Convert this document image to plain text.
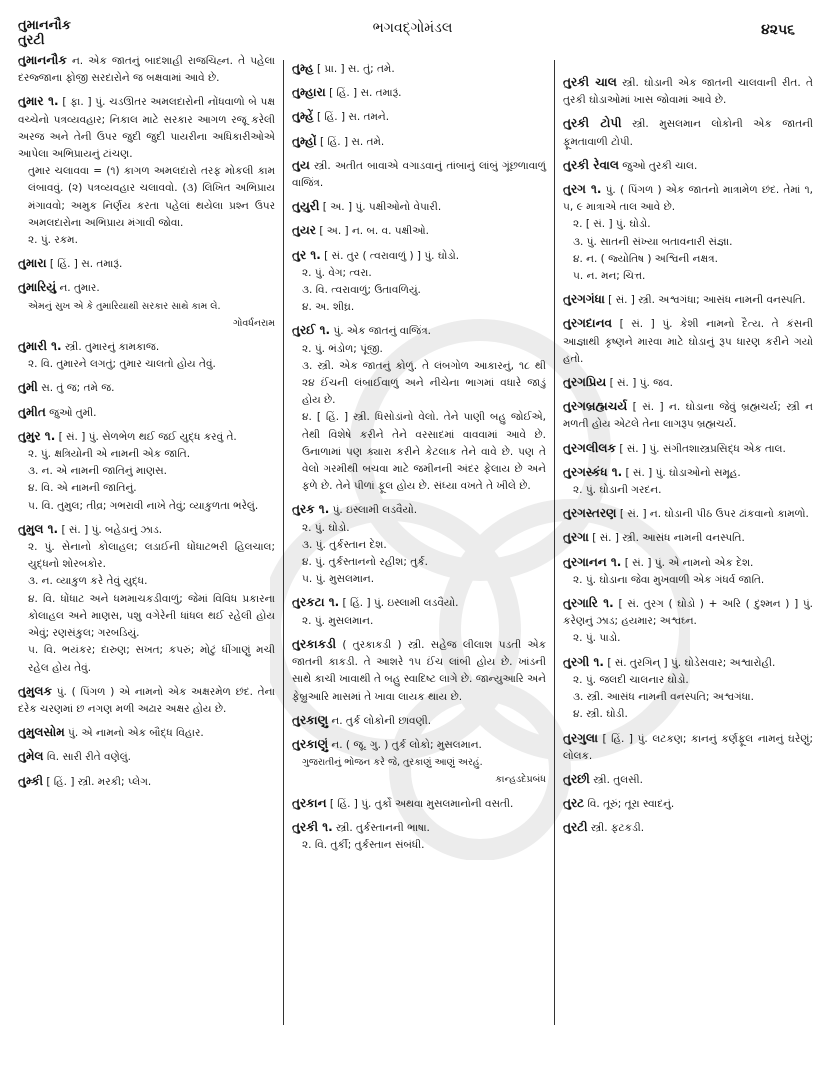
તુમાનનૌક
તુરટી
ભગવદ્ગોમંડલ	૪૨૫૬
તુમાનનૌક ન. એક જાતનું બાદશાહી રાજચિહ્ન. તે પહેલા દરજ્જાના ફોજી સરદારોને જ બક્ષવામાં આવે છે.
તુમાર ૧. [ ફા. ] પું. ચડઊતર અમલદારોની નોંધવાળો બે પક્ષ વચ્ચેનો પત્રવ્યવહાર; નિકાલ માટે સરકાર આગળ રજૂ કરેલી અરજ અને તેની ઉપર જુદી જુદી પાયરીના અધિકારીઓએ આપેલા અભિપ્રાયનું ટાંચણ.
તુમાર ચલાવવા = (૧) કાગળ અમલદારો તરફ મોકલી કામ લંબાવવું. (૨) પત્રવ્યવહાર ચલાવવો. (૩) લિખિત અભિપ્રાય મંગાવવો; અમુક નિર્ણય કરતા પહેલાં થયેલા પ્રશ્ન ઉપર અમલદારોના અભિપ્રાય મંગાવી જોવા.
૨. પું. રકમ.
તુમારા [ હિં. ] સ. તમારૂં.
તુમારિયું ન. તુમાર.
એમનું સુખ એ કે તુમારિયાથી સરકાર સાથે કામ લે.
ગોવર્ધનરામ
તુમારી ૧. સ્ત્રી. તુમારનું કામકાજ.
૨. વિ. તુમારને લગતું; તુમાર ચાલતો હોય તેવું.
તુમી સ. તું જ; તમે જ.
તુમીત જુઓ તુમી.
તુમુર ૧. [ સં. ] પું. સેળભેળ થઈ જઈ યુદ્ધ કરવું તે.
૨. પું. ક્ષત્રિયોની એ નામની એક જાતિ.
૩. ન. એ નામની જાતિનું માણસ.
૪. વિ. એ નામની જાતિનું.
૫. વિ. તુમુલ; તીવ્ર; ગભરાવી નાખે તેવું; વ્યાકુળતા ભરેલું.
તુમુલ ૧. [ સં. ] પું. બહેડાનું ઝાડ.
૨. પું. સેનાનો કોલાહલ; લડાઈની ધોંધાટભરી હિલચાલ; યુદ્ધનો શોરબકોર.
૩. ન. વ્યાકુળ કરે તેવું યુદ્ધ.
૪. વિ. ધોંધાટ અને ધમમાચકડીવાળું; જેમાં વિવિધ પ્રકારના કોલાહલ અને માણસ, પશુ વગેરેની ધાંધલ થઈ રહેલી હોય એવું; રણસંકુલ; ગરબડિયું.
૫. વિ. ભયંકર; દારુણ; સખત; કપરું; મોટું ધીંગાણું મચી રહેલ હોય તેવું.
તુમુલક પું. ( પિંગળ ) એ નામનો એક અક્ષરમેળ છંદ. તેના દરેક ચરણમાં છ નગણ મળી અઢાર અક્ષર હોય છે.
તુમુલસોમ પું. એ નામનો એક બૌદ્ધ વિહાર.
તુમેલ વિ. સારી રીતે વણેલું.
તુમ્કી [ હિં. ] સ્ત્રી. મરકી; પ્લેગ.
તુમ્હ [ પ્રા. ] સ. તું; તમે.
તુમ્હારા [ હિં. ] સ. તમારૂં.
તુમ્હેં [ હિં. ] સ. તમને.
તુમ્હોં [ હિં. ] સ. તમે.
તુય સ્ત્રી. અતીત બાવાએ વગાડવાનું તાંબાનું લાંબું ગૂંછળાવાળું વાજિંત્ર.
તુયુરી [ અ. ] પું. પક્ષીઓનો વેપારી.
તુયર [ અ. ] ન. બ. વ. પક્ષીઓ.
તુર ૧. [ સં. તુર ( ત્વરાવાળું ) ] પું. ઘોડો.
૨. પું. વેગ; ત્વરા.
૩. વિ. ત્વરાવાળું; ઉતાવળિયું.
૪. અ. શીઘ્ર.
તુરઈ ૧. પું. એક જાતનું વાજિંત્ર.
૨. પું. ભંડોળ; પૂંજી.
૩. સ્ત્રી. એક જાતનું કોળું. તે લંબગોળ આકારનું, ૧૮ થી ૨૪ ઈંચની લંબાઈવાળું અને નીચેના ભાગમાં વધારે જાડું હોય છે.
૪. [ હિં. ] સ્ત્રી. ધિસોડાંનો વેલો. તેને પાણી બહુ જોઈએ, તેથી વિશેષે કરીને તેને વરસાદમાં વાવવામાં આવે છે. ઉનાળામાં પણ ક્યારા કરીને કેટલાક તેને વાવે છે. પણ તે વેલો ગરમીથી બચવા માટે જમીનની અંદર ફેલાય છે અને ફળે છે. તેને પીળાં ફૂલ હોય છે. સંધ્યા વખતે તે ખીલે છે.
તુરક ૧. પું. ઇસ્લામી લડવૈયો.
૨. પું. ઘોડો.
૩. પું. તુર્કસ્તાન દેશ.
૪. પું. તુર્કસ્તાનનો રહીશ; તુર્ક.
૫. પું. મુસલમાન.
તુરકટા ૧. [ હિં. ] પું. ઇસ્લામી લડવૈયો.
૨. પું. મુસલમાન.
તુરકાકડી ( તુરકાકડી ) સ્ત્રી. સહેજ લીલાશ પડતી એક જાતની કાકડી. તે આશરે ૧૫ ઈંચ લાંબી હોય છે. ખાંડની સાથે કાચી ખાવાથી તે બહુ સ્વાદિષ્ટ લાગે છે. જાન્યુઆરિ અને ફેબ્રુઆરિ માસમાં તે ખાવા લાયક થાય છે.
તુરકાણુ ન. તુર્ક લોકોની છાવણી.
તુરકાણું ન. ( જૂ. ગુ. ) તુર્ક લોકો; મુસલમાન.
ગુજરાતીનું ભોજન કરે જે, તુરકાણું આણું અરહું.
કાન્હડદેપ્રબંધ
તુરકાન [ હિં. ] પું. તુર્કો અથવા મુસલમાનોની વસતી.
તુરકી ૧. સ્ત્રી. તુર્કસ્તાનની ભાષા.
૨. વિ. તુર્કી; તુર્કસ્તાન સંબંધી.
તુરકી ચાલ સ્ત્રી. ઘોડાની એક જાતની ચાલવાની રીત. તે તુરકી ઘોડાઓમાં ખાસ જોવામાં આવે છે.
તુરકી ટોપી સ્ત્રી. મુસલમાન લોકોની એક જાતની ફૂમતાવાળી ટોપી.
તુરકી રેવાલ જુઓ તુરકી ચાલ.
તુરગ ૧. પું. ( પિંગળ ) એક જાતનો માત્રામેળ છંદ. તેમાં ૧, ૫, ૯ માત્રાએ તાલ આવે છે.
૨. [ સં. ] પું. ઘોડો.
૩. પું. સાતની સંખ્યા બતાવનારી સંજ્ઞા.
૪. ન. ( જ્યોતિષ ) અશ્વિની નક્ષત્ર.
૫. ન. મન; ચિત્ત.
તુરગગંધા [ સં. ] સ્ત્રી. અશ્વગંધા; આસંધ નામની વનસ્પતિ.
તુરગદાનવ [ સં. ] પું. કેશી નામનો દૈત્ય. તે કંસની આજ્ઞાથી કૃષ્ણને મારવા માટે ઘોડાનું રૂપ ધારણ કરીને ગયો હતો.
તુરગપ્રિય [ સં. ] પું. જવ.
તુરગબ્રહ્મચર્ય [ સં. ] ન. ઘોડાના જેવું બ્રહ્મચર્ય; સ્ત્રી ન મળતી હોય એટલે તેના લાગરૂપ બ્રહ્મચર્ય.
તુરગલીલક [ સં. ] પું. સંગીતશાસ્ત્રપ્રસિદ્ધ એક તાલ.
તુરગસ્કંધ ૧. [ સં. ] પું. ઘોડાઓનો સમૂહ.
૨. પું. ઘોડાની ગરદન.
તુરગસ્તરણ [ સં. ] ન. ઘોડાની પીઠ ઉપર ઢાંકવાનો કામળો.
તુરગા [ સં. ] સ્ત્રી. આસંધ નામની વનસ્પતિ.
તુરગાનન ૧. [ સં. ] પું. એ નામનો એક દેશ.
૨. પું. ઘોડાના જેવા મુખવાળી એક ગંધર્વ જાતિ.
તુરગારિ ૧. [ સં. તુરગ ( ઘોડો ) + અરિ ( દુશ્મન ) ] પું. કરેણનું ઝાડ; હયમાર; અશ્વઘ્ન.
૨. પું. પાડો.
તુરગી ૧. [ સં. તુરગિન્ ] પું. ઘોડેસવાર; અશ્વારોહી.
૨. પું. જલદી ચાલનાર ઘોડો.
૩. સ્ત્રી. આસંધ નામની વનસ્પતિ; અશ્વગંધા.
૪. સ્ત્રી. ઘોડી.
તુરગુલા [ હિં. ] પું. લટકણ; કાનનું કર્ણફૂલ નામનું ઘરેણું; લોલક.
તુરછી સ્ત્રી. તુલસી.
તુરટ વિ. તૂરું; તૂરા સ્વાદનું.
તુરટી સ્ત્રી. ફટકડી.
